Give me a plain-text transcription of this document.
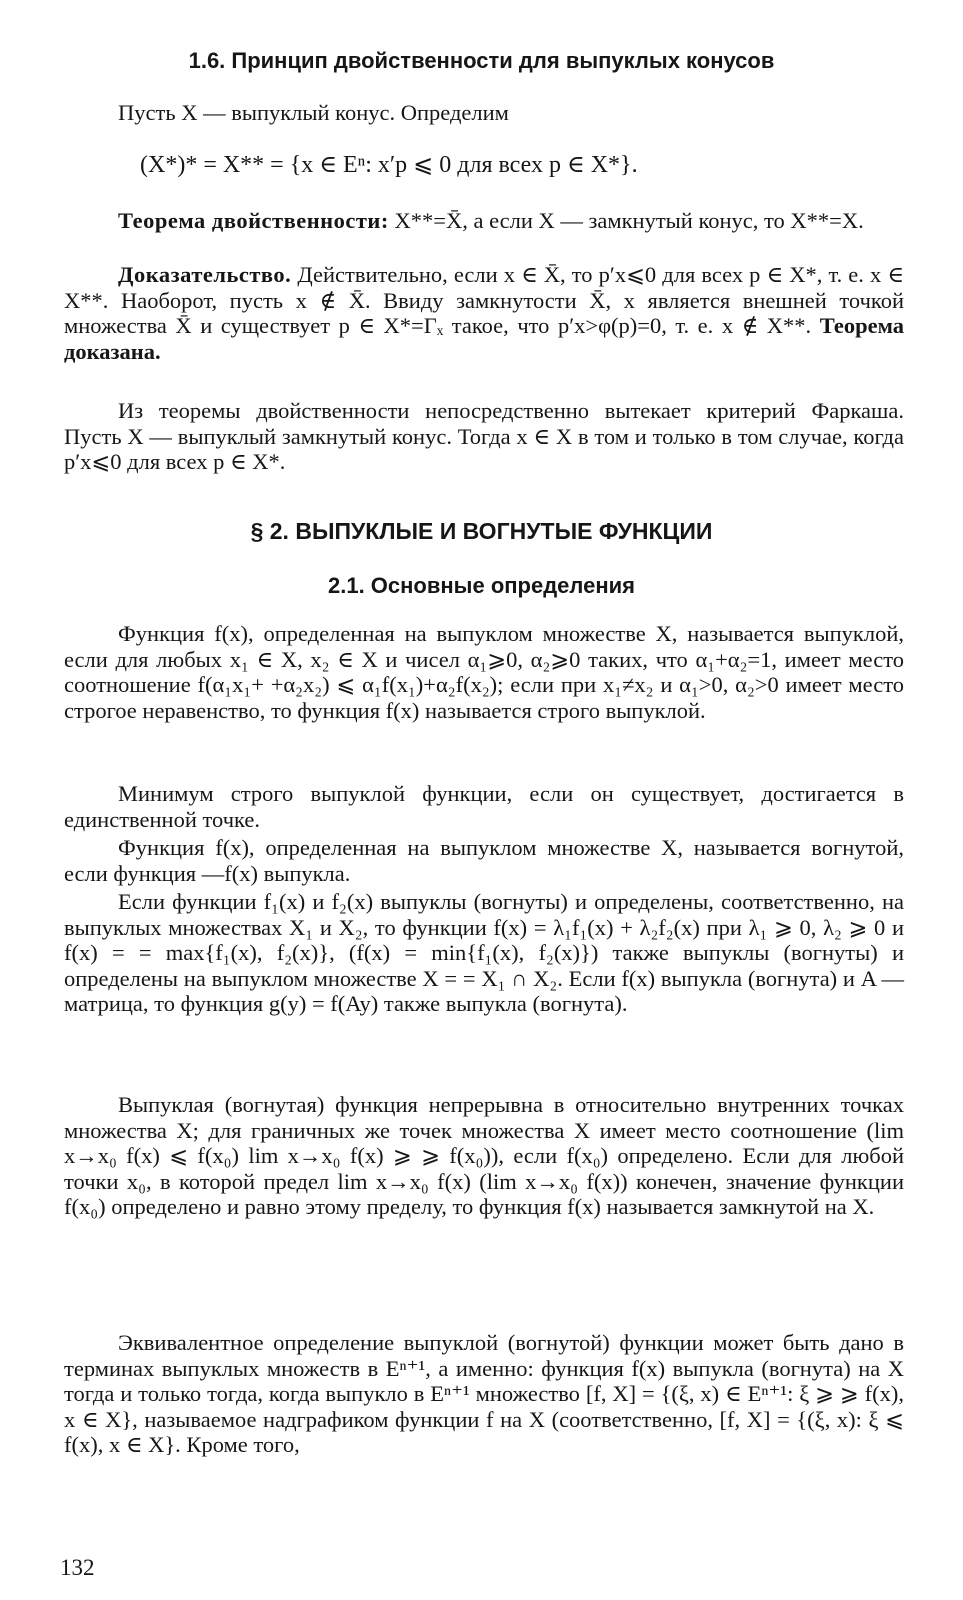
1.6. Принцип двойственности для выпуклых конусов
Пусть X — выпуклый конус. Определим
(X*)* = X** = {x ∈ Eⁿ: x′p ⩽ 0 для всех p ∈ X*}.
Теорема двойственности: X**=X̄, а если X — замкнутый конус, то X**=X.
Доказательство. Действительно, если x ∈ X̄, то p′x⩽0 для всех p ∈ X*, т. е. x ∈ X**. Наоборот, пусть x ∉ X̄. Ввиду замкнутости X̄, x является внешней точкой множества X̄ и существует p ∈ X*=Γₓ такое, что p′x>φ(p)=0, т. е. x ∉ X**. Теорема доказана.
Из теоремы двойственности непосредственно вытекает критерий Фаркаша. Пусть X — выпуклый замкнутый конус. Тогда x ∈ X в том и только в том случае, когда p′x⩽0 для всех p ∈ X*.
§ 2. ВЫПУКЛЫЕ И ВОГНУТЫЕ ФУНКЦИИ
2.1. Основные определения
Функция f(x), определенная на выпуклом множестве X, называется выпуклой, если для любых x₁ ∈ X, x₂ ∈ X и чисел α₁⩾0, α₂⩾0 таких, что α₁+α₂=1, имеет место соотношение f(α₁x₁+ +α₂x₂) ⩽ α₁f(x₁)+α₂f(x₂); если при x₁≠x₂ и α₁>0, α₂>0 имеет место строгое неравенство, то функция f(x) называется строго выпуклой.
Минимум строго выпуклой функции, если он существует, достигается в единственной точке.
Функция f(x), определенная на выпуклом множестве X, называется вогнутой, если функция —f(x) выпукла.
Если функции f₁(x) и f₂(x) выпуклы (вогнуты) и определены, соответственно, на выпуклых множествах X₁ и X₂, то функции f(x) = λ₁f₁(x) + λ₂f₂(x) при λ₁ ⩾ 0, λ₂ ⩾ 0 и f(x) = = max{f₁(x), f₂(x)}, (f(x) = min{f₁(x), f₂(x)}) также выпуклы (вогнуты) и определены на выпуклом множестве X = = X₁ ∩ X₂. Если f(x) выпукла (вогнута) и A — матрица, то функция g(y) = f(Ay) также выпукла (вогнута).
Выпуклая (вогнутая) функция непрерывна в относительно внутренних точках множества X; для граничных же точек множества X имеет место соотношение (lim x→x₀ f(x) ⩽ f(x₀) lim x→x₀ f(x) ⩾ ⩾ f(x₀)), если f(x₀) определено. Если для любой точки x₀, в которой предел lim x→x₀ f(x) (lim x→x₀ f(x)) конечен, значение функции f(x₀) определено и равно этому пределу, то функция f(x) называется замкнутой на X.
Эквивалентное определение выпуклой (вогнутой) функции может быть дано в терминах выпуклых множеств в Eⁿ⁺¹, а именно: функция f(x) выпукла (вогнута) на X тогда и только тогда, когда выпукло в Eⁿ⁺¹ множество [f, X] = {(ξ, x) ∈ Eⁿ⁺¹: ξ ⩾ ⩾ f(x), x ∈ X}, называемое надграфиком функции f на X (соответственно, [f, X] = {(ξ, x): ξ ⩽ f(x), x ∈ X}. Кроме того,
132
